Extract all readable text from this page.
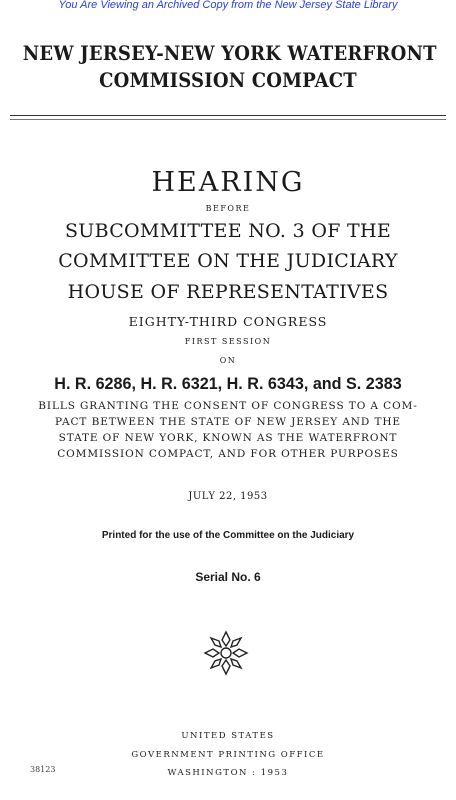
You Are Viewing an Archived Copy from the New Jersey State Library
NEW JERSEY-NEW YORK WATERFRONT
COMMISSION COMPACT
HEARING
BEFORE
SUBCOMMITTEE NO. 3 OF THE
COMMITTEE ON THE JUDICIARY
HOUSE OF REPRESENTATIVES
EIGHTY-THIRD CONGRESS
FIRST SESSION
ON
H. R. 6286, H. R. 6321, H. R. 6343, and S. 2383
BILLS GRANTING THE CONSENT OF CONGRESS TO A COM-
PACT BETWEEN THE STATE OF NEW JERSEY AND THE
STATE OF NEW YORK, KNOWN AS THE WATERFRONT
COMMISSION COMPACT, AND FOR OTHER PURPOSES
JULY 22, 1953
Printed for the use of the Committee on the Judiciary
Serial No. 6
UNITED STATES
GOVERNMENT PRINTING OFFICE
WASHINGTON : 1953
38123
